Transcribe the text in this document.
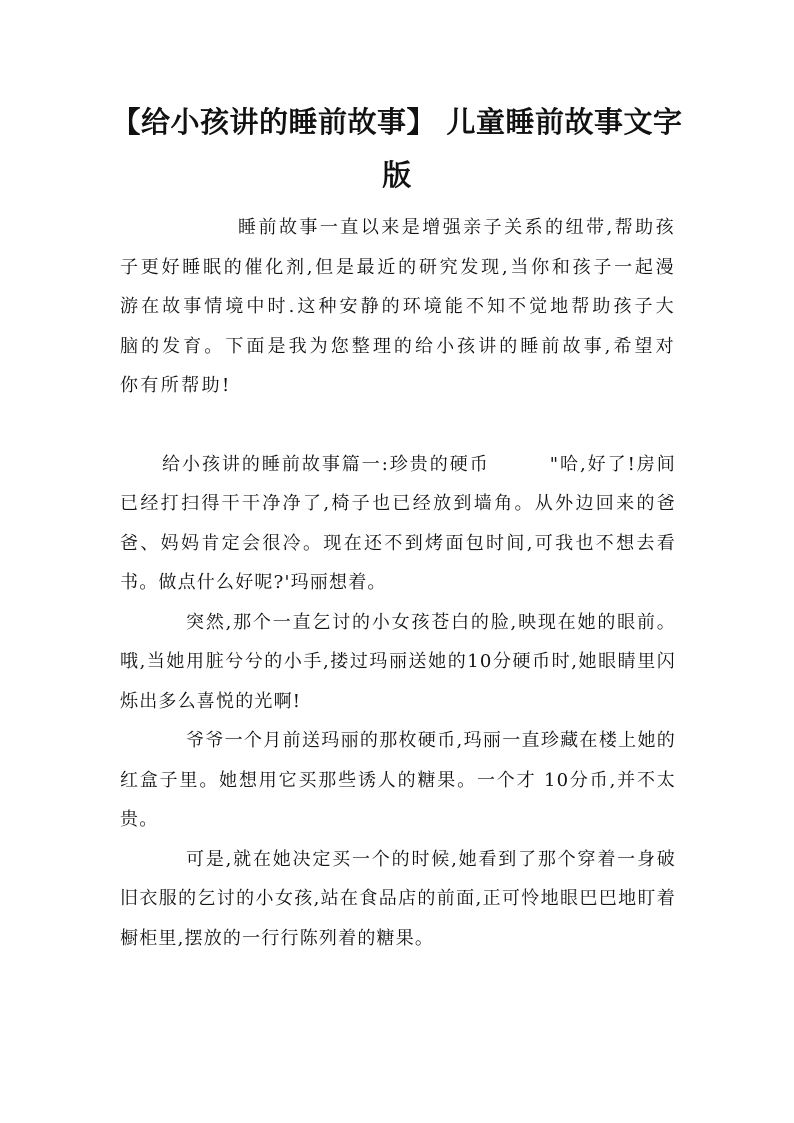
【给小孩讲的睡前故事】 儿童睡前故事文字版

睡前故事一直以来是增强亲子关系的纽带,帮助孩子更好睡眠的催化剂,但是最近的研究发现,当你和孩子一起漫游在故事情境中时.这种安静的环境能不知不觉地帮助孩子大脑的发育。下面是我为您整理的给小孩讲的睡前故事,希望对你有所帮助!

给小孩讲的睡前故事篇一:珍贵的硬币	"哈,好了!房间已经打扫得干干净净了,椅子也已经放到墙角。从外边回来的爸爸、妈妈肯定会很冷。现在还不到烤面包时间,可我也不想去看书。做点什么好呢?'玛丽想着。

突然,那个一直乞讨的小女孩苍白的脸,映现在她的眼前。哦,当她用脏兮兮的小手,搂过玛丽送她的10分硬币时,她眼睛里闪烁出多么喜悦的光啊!

爷爷一个月前送玛丽的那枚硬币,玛丽一直珍藏在楼上她的红盒子里。她想用它买那些诱人的糖果。一个才 10分币,并不太贵。

可是,就在她决定买一个的时候,她看到了那个穿着一身破旧衣服的乞讨的小女孩,站在食品店的前面,正可怜地眼巴巴地盯着橱柜里,摆放的一行行陈列着的糖果。
